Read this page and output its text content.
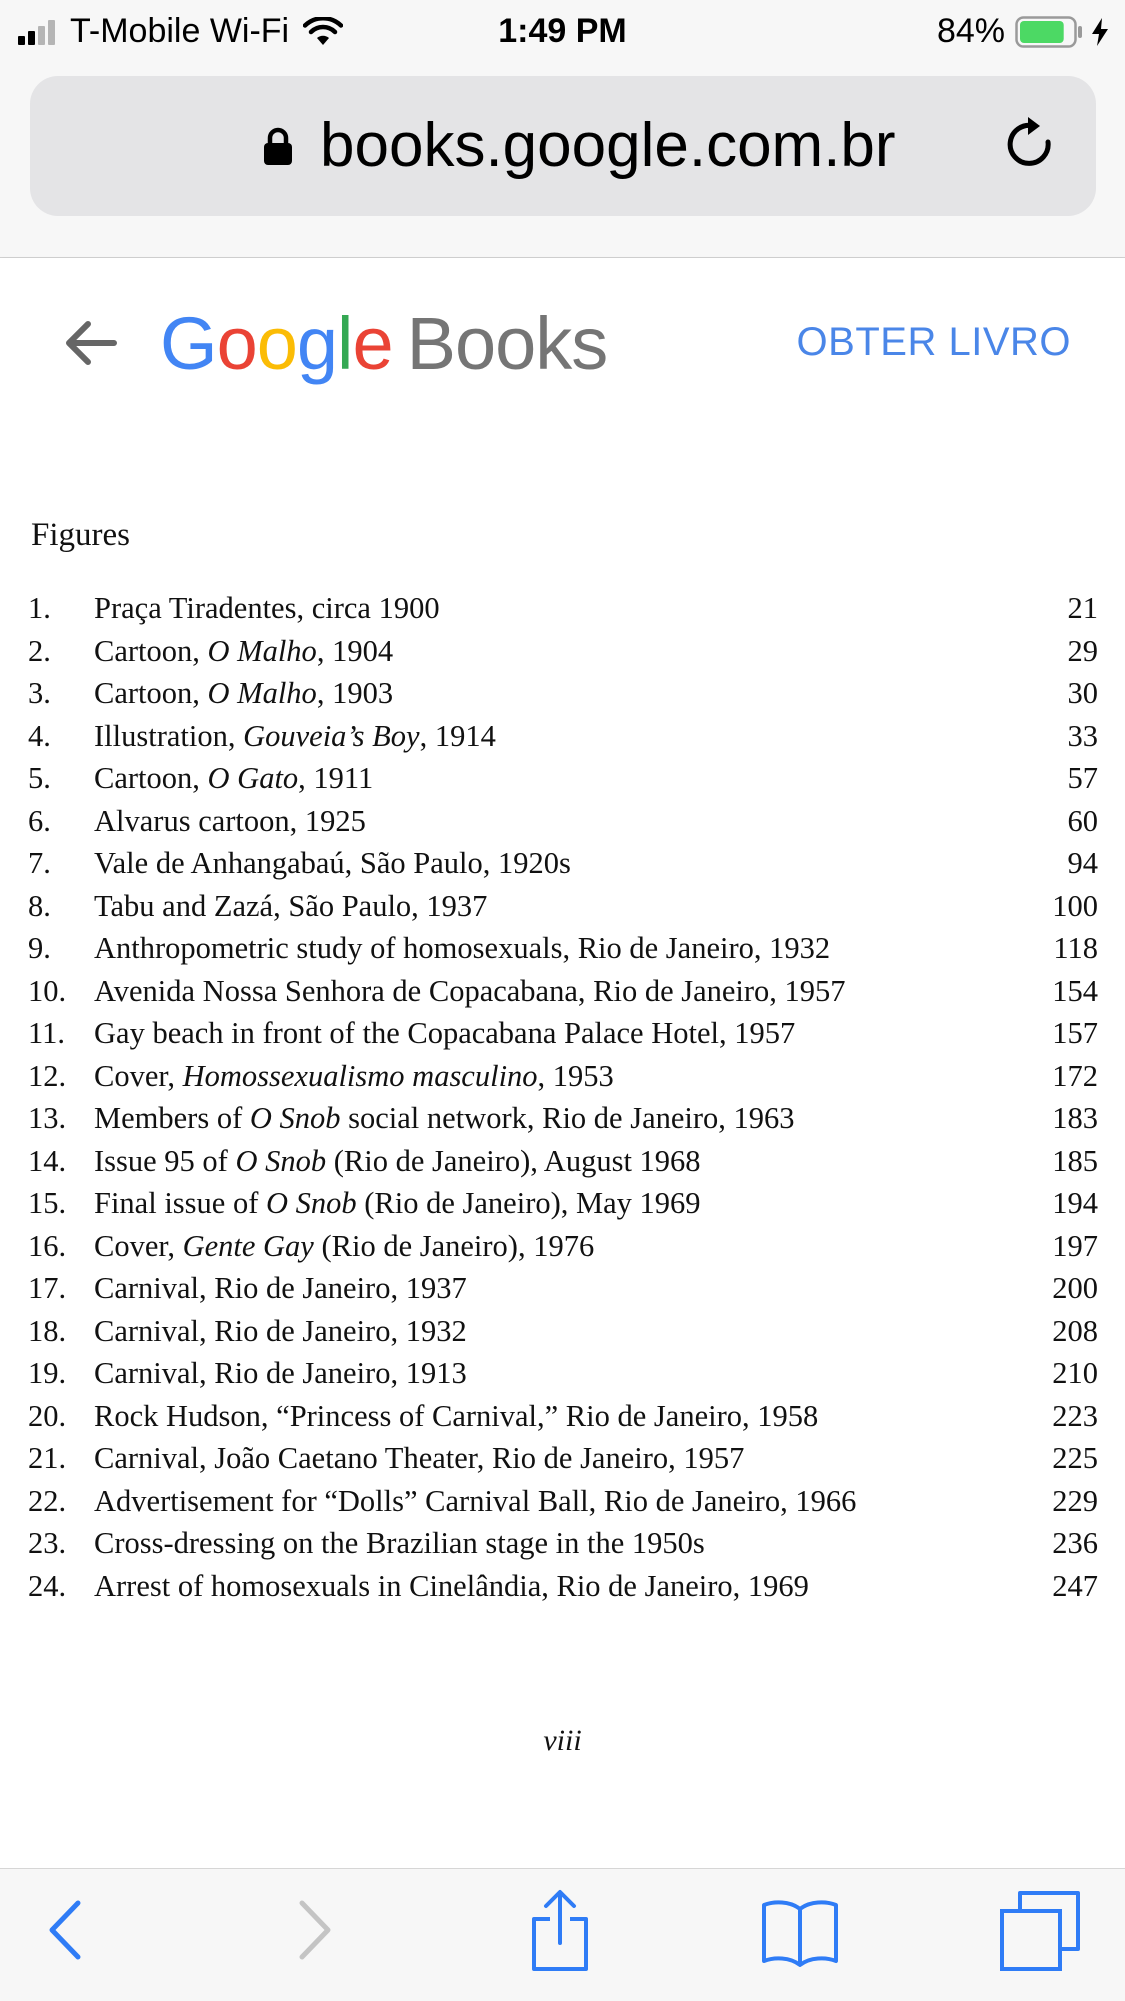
T-Mobile Wi-Fi	1:49 PM	84%
books.google.com.br
Google Books	OBTER LIVRO
Figures
1.	Praça Tiradentes, circa 1900	21
2.	Cartoon, O Malho, 1904	29
3.	Cartoon, O Malho, 1903	30
4.	Illustration, Gouveia’s Boy, 1914	33
5.	Cartoon, O Gato, 1911	57
6.	Alvarus cartoon, 1925	60
7.	Vale de Anhangabaú, São Paulo, 1920s	94
8.	Tabu and Zazá, São Paulo, 1937	100
9.	Anthropometric study of homosexuals, Rio de Janeiro, 1932	118
10. Avenida Nossa Senhora de Copacabana, Rio de Janeiro, 1957	154
11. Gay beach in front of the Copacabana Palace Hotel, 1957	157
12. Cover, Homossexualismo masculino, 1953	172
13. Members of O Snob social network, Rio de Janeiro, 1963	183
14. Issue 95 of O Snob (Rio de Janeiro), August 1968	185
15. Final issue of O Snob (Rio de Janeiro), May 1969	194
16. Cover, Gente Gay (Rio de Janeiro), 1976	197
17. Carnival, Rio de Janeiro, 1937	200
18. Carnival, Rio de Janeiro, 1932	208
19. Carnival, Rio de Janeiro, 1913	210
20. Rock Hudson, “Princess of Carnival,” Rio de Janeiro, 1958	223
21. Carnival, João Caetano Theater, Rio de Janeiro, 1957	225
22. Advertisement for “Dolls” Carnival Ball, Rio de Janeiro, 1966	229
23. Cross-dressing on the Brazilian stage in the 1950s	236
24. Arrest of homosexuals in Cinelândia, Rio de Janeiro, 1969	247
viii
